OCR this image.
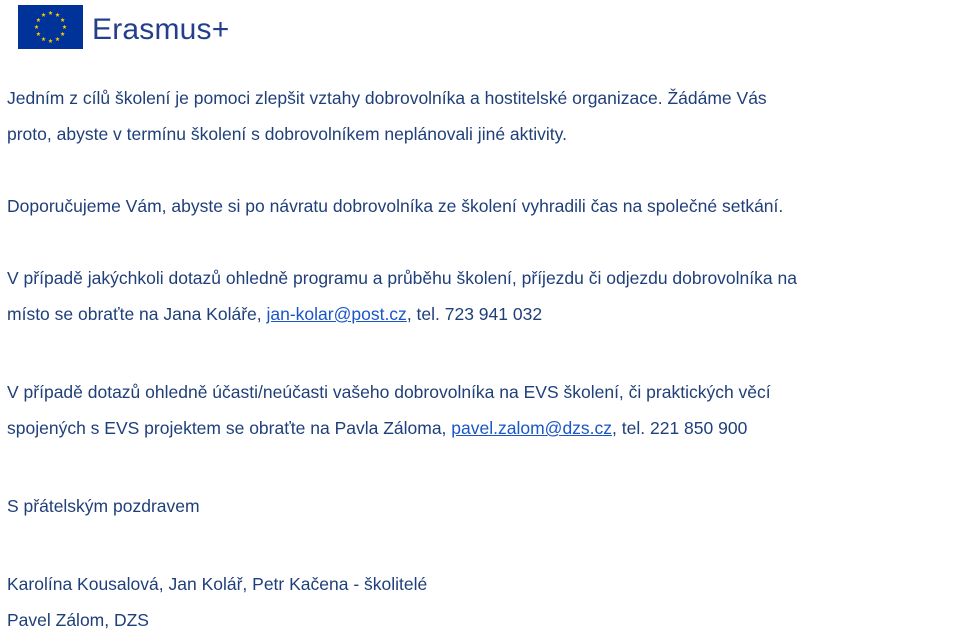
Erasmus+

Jedním z cílů školení je pomoci zlepšit vztahy dobrovolníka a hostitelské organizace. Žádáme Vás

proto, abyste v termínu školení s dobrovolníkem neplánovali jiné aktivity.

Doporučujeme Vám, abyste si po návratu dobrovolníka ze školení vyhradili čas na společné setkání.

V případě jakýchkoli dotazů ohledně programu a průběhu školení, příjezdu či odjezdu dobrovolníka na

místo se obraťte na Jana Koláře, jan-kolar@post.cz, tel. 723 941 032

V případě dotazů ohledně účasti/neúčasti vašeho dobrovolníka na EVS školení, či praktických věcí

spojených s EVS projektem se obraťte na Pavla Záloma, pavel.zalom@dzs.cz, tel. 221 850 900

S přátelským pozdravem

Karolína Kousalová, Jan Kolář, Petr Kačena - školitelé

Pavel Zálom, DZS
